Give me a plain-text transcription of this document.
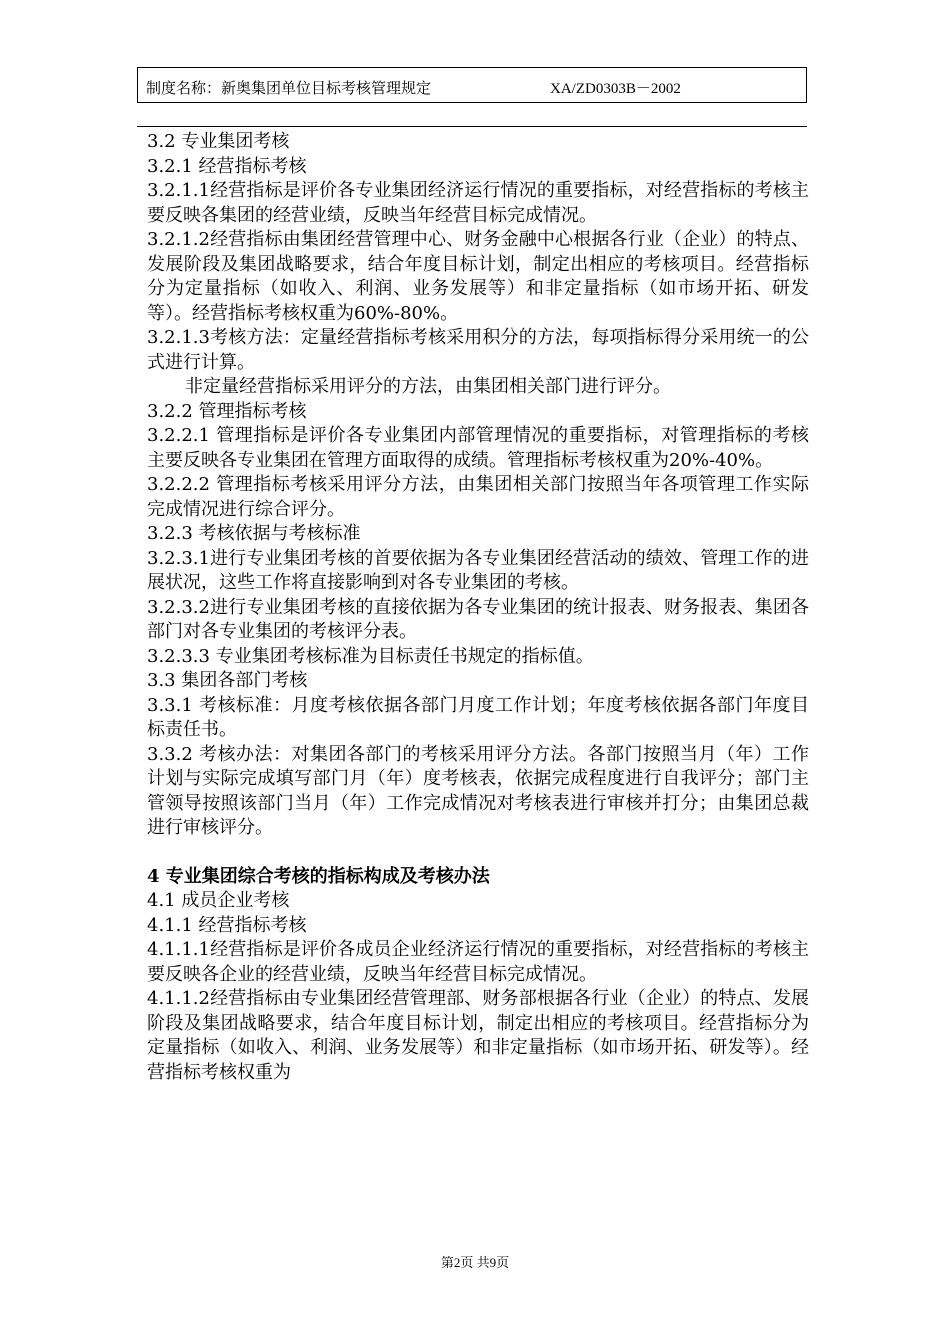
制度名称：新奥集团单位目标考核管理规定	XA/ZD0303B－2002

3.2 专业集团考核

3.2.1 经营指标考核

3.2.1.1经营指标是评价各专业集团经济运行情况的重要指标，对经营指标的考核主要反映各集团的经营业绩，反映当年经营目标完成情况。

3.2.1.2经营指标由集团经营管理中心、财务金融中心根据各行业（企业）的特点、发展阶段及集团战略要求，结合年度目标计划，制定出相应的考核项目。经营指标分为定量指标（如收入、利润、业务发展等）和非定量指标（如市场开拓、研发等）。经营指标考核权重为60%-80%。

3.2.1.3考核方法：定量经营指标考核采用积分的方法，每项指标得分采用统一的公式进行计算。

非定量经营指标采用评分的方法，由集团相关部门进行评分。

3.2.2 管理指标考核

3.2.2.1 管理指标是评价各专业集团内部管理情况的重要指标，对管理指标的考核主要反映各专业集团在管理方面取得的成绩。管理指标考核权重为20%-40%。

3.2.2.2 管理指标考核采用评分方法，由集团相关部门按照当年各项管理工作实际完成情况进行综合评分。

3.2.3 考核依据与考核标准

3.2.3.1进行专业集团考核的首要依据为各专业集团经营活动的绩效、管理工作的进展状况，这些工作将直接影响到对各专业集团的考核。

3.2.3.2进行专业集团考核的直接依据为各专业集团的统计报表、财务报表、集团各部门对各专业集团的考核评分表。

3.2.3.3 专业集团考核标准为目标责任书规定的指标值。

3.3 集团各部门考核

3.3.1 考核标准：月度考核依据各部门月度工作计划；年度考核依据各部门年度目标责任书。

3.3.2 考核办法：对集团各部门的考核采用评分方法。各部门按照当月（年）工作计划与实际完成填写部门月（年）度考核表，依据完成程度进行自我评分；部门主管领导按照该部门当月（年）工作完成情况对考核表进行审核并打分；由集团总裁进行审核评分。

4 专业集团综合考核的指标构成及考核办法

4.1 成员企业考核

4.1.1 经营指标考核

4.1.1.1经营指标是评价各成员企业经济运行情况的重要指标，对经营指标的考核主要反映各企业的经营业绩，反映当年经营目标完成情况。

4.1.1.2经营指标由专业集团经营管理部、财务部根据各行业（企业）的特点、发展阶段及集团战略要求，结合年度目标计划，制定出相应的考核项目。经营指标分为定量指标（如收入、利润、业务发展等）和非定量指标（如市场开拓、研发等）。经营指标考核权重为

第2页 共9页
